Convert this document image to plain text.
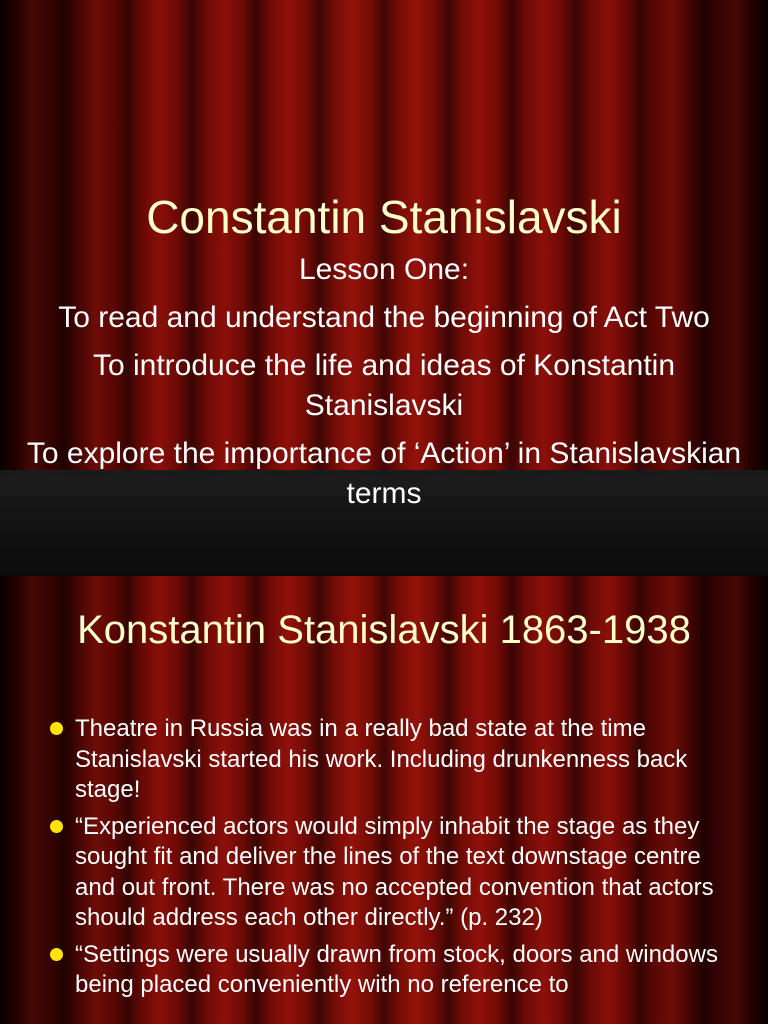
Constantin Stanislavski

Lesson One:

To read and understand the beginning of Act Two

To introduce the life and ideas of Konstantin Stanislavski

To explore the importance of ‘Action’ in Stanislavskian terms

Konstantin Stanislavski 1863-1938
Theatre in Russia was in a really bad state at the time Stanislavski started his work. Including drunkenness back stage!
“Experienced actors would simply inhabit the stage as they sought fit and deliver the lines of the text downstage centre and out front. There was no accepted convention that actors should address each other directly.” (p. 232)
“Settings were usually drawn from stock, doors and windows being placed conveniently with no reference to
